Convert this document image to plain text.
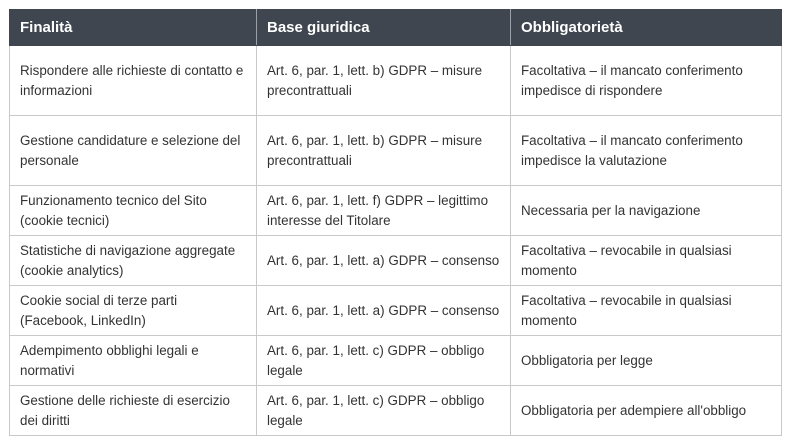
Finalità	Base giuridica	Obbligatorietà
Rispondere alle richieste di contatto e informazioni	Art. 6, par. 1, lett. b) GDPR – misure precontrattuali	Facoltativa – il mancato conferimento impedisce di rispondere
Gestione candidature e selezione del personale	Art. 6, par. 1, lett. b) GDPR – misure precontrattuali	Facoltativa – il mancato conferimento impedisce la valutazione
Funzionamento tecnico del Sito (cookie tecnici)	Art. 6, par. 1, lett. f) GDPR – legittimo interesse del Titolare	Necessaria per la navigazione
Statistiche di navigazione aggregate (cookie analytics)	Art. 6, par. 1, lett. a) GDPR – consenso	Facoltativa – revocabile in qualsiasi momento
Cookie social di terze parti (Facebook, LinkedIn)	Art. 6, par. 1, lett. a) GDPR – consenso	Facoltativa – revocabile in qualsiasi momento
Adempimento obblighi legali e normativi	Art. 6, par. 1, lett. c) GDPR – obbligo legale	Obbligatoria per legge
Gestione delle richieste di esercizio dei diritti	Art. 6, par. 1, lett. c) GDPR – obbligo legale	Obbligatoria per adempiere all'obbligo
